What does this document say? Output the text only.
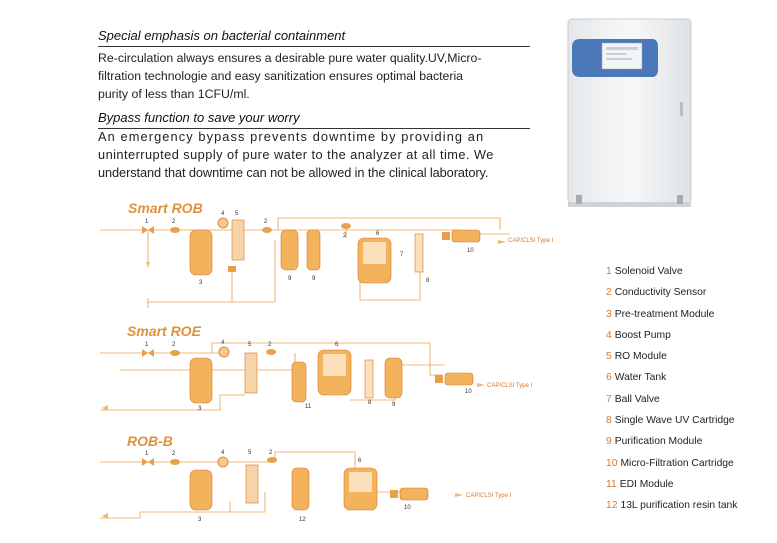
Special emphasis on bacterial containment
Re-circulation always ensures a desirable pure water quality.UV,Micro-
filtration technologie and easy sanitization ensures optimal bacteria
purity of less than 1CFU/ml.
Bypass function to save your worry
An emergency bypass prevents downtime by providing an
uninterrupted supply of pure water to the analyzer at all time. We
understand that downtime can not be allowed in the clinical laboratory.
Smart ROB
Smart ROE
ROB-B
1	2
3
4 5
2
2	6
7
8
9	9
10
CAP/CLSI Type I
1	2
3
4	5	2	6
8	9
10
11
CAP/CLSI Type I
1	2
3
4	5	2
12
6
10
CAP/CLSI Type I
1 Solenoid Valve
2 Conductivity Sensor
3 Pre-treatment Module
4 Boost Pump
5 RO Module
6 Water Tank
7 Ball Valve
8 Single Wave UV Cartridge
9 Purification Module
10 Micro-Filtration Cartridge
11 EDI Module
12 13L purification resin tank
